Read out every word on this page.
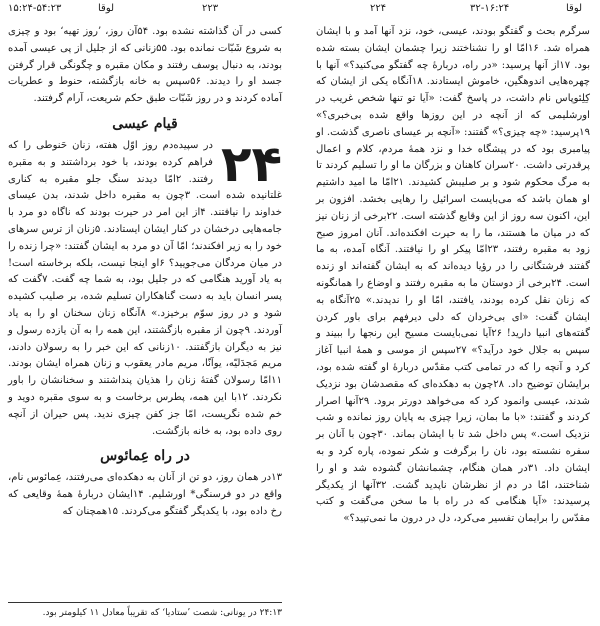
۱۵:۲۴-۵۴:۲۳	لوقا	۲۲۳	۲۲۴	۳۲-۱۶:۲۴	لوقا

کسی در آن گذاشته نشده بود. ۵۴آن روز، ’روز تهیه‘ بود و چیزی به شروع شَبّات نمانده بود. ۵۵زنانی که از جلیل از پی عیسی آمده بودند، به دنبال یوسف رفتند و مکان مقبره و چگونگی قرار گرفتن جسد او را دیدند. ۵۶سپس به خانه بازگشته، حنوط و عطریات آماده کردند و در روز شَبّات طبق حکم شریعت، آرام گرفتند.

قیام عیسی
۲۴

در سپیده‌دم روز اوّل هفته، زنان حَنوطی را که فراهم کرده بودند، با خود برداشتند و به مقبره رفتند. ۲امّا دیدند سنگ جلو مقبره به کناری غلتانیده شده است. ۳چون به مقبره داخل شدند، بدن عیسای خداوند را نیافتند. ۴از این امر در حیرت بودند که ناگاه دو مرد با جامه‌هایی درخشان در کنار ایشان ایستادند. ۵زنان از ترس سرهای خود را به زیر افکندند؛ امّا آن دو مرد به ایشان گفتند: «چرا زنده را در میان مردگان می‌جویید؟ ۶او اینجا نیست، بلکه برخاسته است! به یاد آورید هنگامی که در جلیل بود، به شما چه گفت. ۷گفت که پسر انسان باید به دست گناهکاران تسلیم شده، بر صلیب کشیده شود و در روز سوّم برخیزد.» ۸آنگاه زنان سخنان او را به یاد آوردند. ۹چون از مقبره بازگشتند، این همه را به آن یازده رسول و نیز به دیگران بازگفتند. ۱۰زنانی که این خبر را به رسولان دادند، مریم مَجدَلیّه، یوآنّا، مریم مادر یعقوب و زنان همراه ایشان بودند. ۱۱امّا رسولان گفتهٔ زنان را هذیان پنداشتند و سخنانشان را باور نکردند. ۱۲با این همه، پطرس برخاست و به سوی مقبره دوید و خم شده نگریست، امّا جز کفن چیزی ندید. پس حیران از آنچه روی داده بود، به خانه بازگشت.

در راه عِمائوس

۱۳در همان روز، دو تن از آنان به دهکده‌ای می‌رفتند، عِمائوس نام، واقع در دو فرسنگی* اورشلیم. ۱۴ایشان دربارهٔ همهٔ وقایعی که رخ داده بود، با یکدیگر گفتگو می‌کردند. ۱۵همچنان که

۲۴:۱۳ در یونانی: شصت ’ستادیا‘ که تقریباً معادل ۱۱ کیلومتر بود.

سرگرم بحث و گفتگو بودند، عیسی، خود، نزد آنها آمد و با ایشان همراه شد. ۱۶امّا او را نشناختند زیرا چشمان ایشان بسته شده بود. ۱۷از آنها پرسید: «در راه، دربارهٔ چه گفتگو می‌کنید؟» آنها با چهره‌هایی اندوهگین، خاموش ایستادند. ۱۸آنگاه یکی از ایشان که کِلِئوپاس نام داشت، در پاسخ گفت: «آیا تو تنها شخص غریب در اورشلیمی که از آنچه در این روزها واقع شده بی‌خبری؟» ۱۹پرسید: «چه چیزی؟» گفتند: «آنچه بر عیسای ناصری گذشت. او پیامبری بود که در پیشگاه خدا و نزد همهٔ مردم، کلام و اعمال پرقدرتی داشت. ۲۰سران کاهنان و بزرگان ما او را تسلیم کردند تا به مرگ محکوم شود و بر صلیبش کشیدند. ۲۱امّا ما امید داشتیم او همان باشد که می‌بایست اسرائیل را رهایی بخشد. افزون بر این، اکنون سه روز از این وقایع گذشته است. ۲۲برخی از زنان نیز که در میان ما هستند، ما را به حیرت افکنده‌اند. آنان امروز صبح زود به مقبره رفتند، ۲۳امّا پیکر او را نیافتند. آنگاه آمده، به ما گفتند فرشتگانی را در رؤیا دیده‌اند که به ایشان گفته‌اند او زنده است. ۲۴برخی از دوستان ما به مقبره رفتند و اوضاع را همانگونه که زنان نقل کرده بودند، یافتند، امّا او را ندیدند.» ۲۵آنگاه به ایشان گفت: «ای بی‌خردان که دلی دیرفهم برای باور کردن گفته‌های انبیا دارید! ۲۶آیا نمی‌بایست مسیح این رنجها را ببیند و سپس به جلال خود درآید؟» ۲۷سپس از موسی و همهٔ انبیا آغاز کرد و آنچه را که در تمامی کتب مقدّس دربارهٔ او گفته شده بود، برایشان توضیح داد. ۲۸چون به دهکده‌ای که مقصدشان بود نزدیک شدند، عیسی وانمود کرد که می‌خواهد دورتر برود. ۲۹آنها اصرار کردند و گفتند: «با ما بمان، زیرا چیزی به پایان روز نمانده و شب نزدیک است.» پس داخل شد تا با ایشان بماند. ۳۰چون با آنان بر سفره نشسته بود، نان را برگرفت و شکر نموده، پاره کرد و به ایشان داد. ۳۱در همان هنگام، چشمانشان گشوده شد و او را شناختند، امّا در دم از نظرشان ناپدید گشت. ۳۲آنها از یکدیگر پرسیدند: «آیا هنگامی که در راه با ما سخن می‌گفت و کتب مقدّس را برایمان تفسیر می‌کرد، دل در درون ما نمی‌تپید؟»
